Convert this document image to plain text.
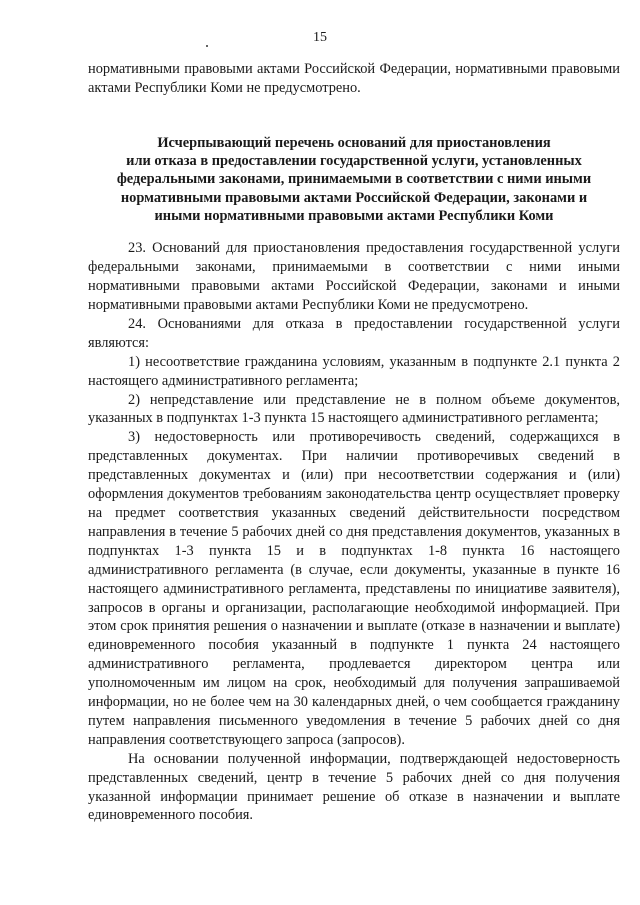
15

нормативными правовыми актами Российской Федерации, нормативными правовыми актами Республики Коми не предусмотрено.

Исчерпывающий перечень оснований для приостановления
или отказа в предоставлении государственной услуги, установленных
федеральными законами, принимаемыми в соответствии с ними иными
нормативными правовыми актами Российской Федерации, законами и
иными нормативными правовыми актами Республики Коми

23. Оснований для приостановления предоставления государственной услуги федеральными законами, принимаемыми в соответствии с ними иными нормативными правовыми актами Российской Федерации, законами и иными нормативными правовыми актами Республики Коми не предусмотрено.

24. Основаниями для отказа в предоставлении государственной услуги являются:

1) несоответствие гражданина условиям, указанным в подпункте 2.1 пункта 2 настоящего административного регламента;

2) непредставление или представление не в полном объеме документов, указанных в подпунктах 1-3 пункта 15 настоящего административного регламента;

3) недостоверность или противоречивость сведений, содержащихся в представленных документах. При наличии противоречивых сведений в представленных документах и (или) при несоответствии содержания и (или) оформления документов требованиям законодательства центр осуществляет проверку на предмет соответствия указанных сведений действительности посредством направления в течение 5 рабочих дней со дня представления документов, указанных в подпунктах 1-3 пункта 15 и в подпунктах 1-8 пункта 16 настоящего административного регламента (в случае, если документы, указанные в пункте 16 настоящего административного регламента, представлены по инициативе заявителя), запросов в органы и организации, располагающие необходимой информацией. При этом срок принятия решения о назначении и выплате (отказе в назначении и выплате) единовременного пособия указанный в подпункте 1 пункта 24 настоящего административного регламента, продлевается директором центра или уполномоченным им лицом на срок, необходимый для получения запрашиваемой информации, но не более чем на 30 календарных дней, о чем сообщается гражданину путем направления письменного уведомления в течение 5 рабочих дней со дня направления соответствующего запроса (запросов).

На основании полученной информации, подтверждающей недостоверность представленных сведений, центр в течение 5 рабочих дней со дня получения указанной информации принимает решение об отказе в назначении и выплате единовременного пособия.
